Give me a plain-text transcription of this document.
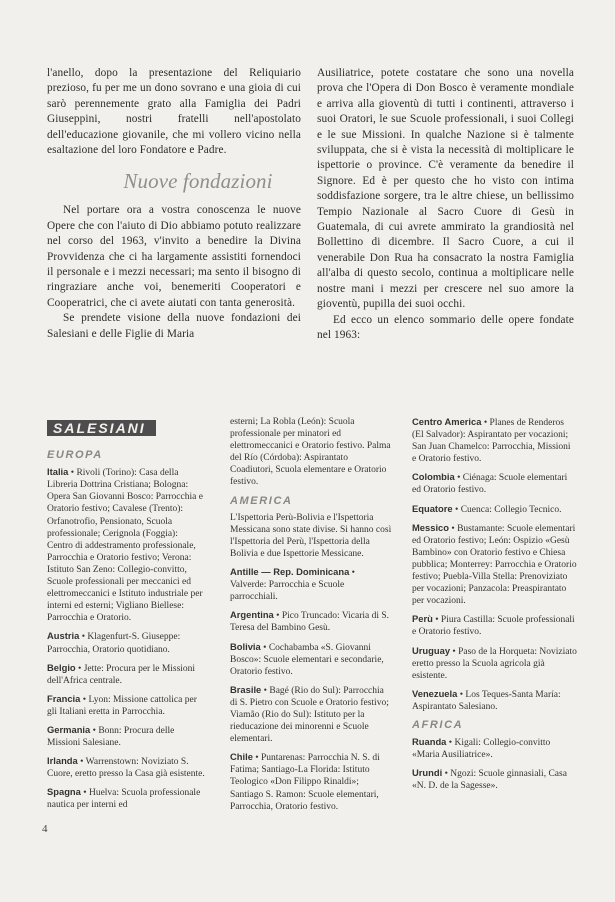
l'anello, dopo la presentazione del Reliquiario prezioso, fu per me un dono sovrano e una gioia di cui sarò perennemente grato alla Famiglia dei Padri Giuseppini, nostri fratelli nell'apostolato dell'educazione giovanile, che mi vollero vicino nella esaltazione del loro Fondatore e Padre.

Nuove fondazioni

Nel portare ora a vostra conoscenza le nuove Opere che con l'aiuto di Dio abbiamo potuto realizzare nel corso del 1963, v'invito a benedire la Divina Provvidenza che ci ha largamente assistiti fornendoci il personale e i mezzi necessari; ma sento il bisogno di ringraziare anche voi, benemeriti Cooperatori e Cooperatrici, che ci avete aiutati con tanta generosità.

Se prendete visione della nuove fondazioni dei Salesiani e delle Figlie di Maria

Ausiliatrice, potete costatare che sono una novella prova che l'Opera di Don Bosco è veramente mondiale e arriva alla gioventù di tutti i continenti, attraverso i suoi Oratori, le sue Scuole professionali, i suoi Collegi e le sue Missioni. In qualche Nazione si è talmente sviluppata, che si è vista la necessità di moltiplicare le ispettorie o province. C'è veramente da benedire il Signore. Ed è per questo che ho visto con intima soddisfazione sorgere, tra le altre chiese, un bellissimo Tempio Nazionale al Sacro Cuore di Gesù in Guatemala, di cui avrete ammirato la grandiosità nel Bollettino di dicembre. Il Sacro Cuore, a cui il venerabile Don Rua ha consacrato la nostra Famiglia all'alba di questo secolo, continua a moltiplicare nelle nostre mani i mezzi per crescere nel suo amore la gioventù, pupilla dei suoi occhi.

Ed ecco un elenco sommario delle opere fondate nel 1963:

SALESIANI
EUROPA
Italia • Rivoli (Torino): Casa della Libreria Dottrina Cristiana; Bologna: Opera San Giovanni Bosco: Parrocchia e Oratorio festivo; Cavalese (Trento): Orfanotrofio, Pensionato, Scuola professionale; Cerignola (Foggia): Centro di addestramento professionale, Parrocchia e Oratorio festivo; Verona: Istituto San Zeno: Collegio-convitto, Scuole professionali per meccanici ed elettromeccanici e Istituto industriale per interni ed esterni; Vigliano Biellese: Parrocchia e Oratorio.
Austria • Klagenfurt-S. Giuseppe: Parrocchia, Oratorio quotidiano.
Belgio • Jette: Procura per le Missioni dell'Africa centrale.
Francia • Lyon: Missione cattolica per gli Italiani eretta in Parrocchia.
Germania • Bonn: Procura delle Missioni Salesiane.
Irlanda • Warrenstown: Noviziato S. Cuore, eretto presso la Casa già esistente.
Spagna • Huelva: Scuola professionale nautica per interni ed
esterni; La Robla (León): Scuola professionale per minatori ed elettromeccanici e Oratorio festivo. Palma del Río (Córdoba): Aspirantato Coadiutori, Scuola elementare e Oratorio festivo.
AMERICA
L'Ispettoria Perù-Bolivia e l'Ispettoria Messicana sono state divise. Si hanno così l'Ispettoria del Perù, l'Ispettoria della Bolivia e due Ispettorie Messicane.
Antille — Rep. Dominicana • Valverde: Parrocchia e Scuole parrocchiali.
Argentina • Pico Truncado: Vicaria di S. Teresa del Bambino Gesù.
Bolivia • Cochabamba «S. Giovanni Bosco»: Scuole elementari e secondarie, Oratorio festivo.
Brasile • Bagé (Rio do Sul): Parrocchia di S. Pietro con Scuole e Oratorio festivo; Viamão (Rio do Sul): Istituto per la rieducazione dei minorenni e Scuole elementari.
Chile • Puntarenas: Parrocchia N. S. di Fatima; Santiago-La Florida: Istituto Teologico «Don Filippo Rinaldi»; Santiago S. Ramon: Scuole elementari, Parrocchia, Oratorio festivo.
Centro America • Planes de Renderos (El Salvador): Aspirantato per vocazioni; San Juan Chamelco: Parrocchia, Missioni e Oratorio festivo.
Colombia • Ciénaga: Scuole elementari ed Oratorio festivo.
Equatore • Cuenca: Collegio Tecnico.
Messico • Bustamante: Scuole elementari ed Oratorio festivo; León: Ospizio «Gesù Bambino» con Oratorio festivo e Chiesa pubblica; Monterrey: Parrocchia e Oratorio festivo; Puebla-Villa Stella: Prenoviziato per vocazioni; Panzacola: Preaspirantato per vocazioni.
Perù • Piura Castilla: Scuole professionali e Oratorio festivo.
Uruguay • Paso de la Horqueta: Noviziato eretto presso la Scuola agricola già esistente.
Venezuela • Los Teques-Santa María: Aspirantato Salesiano.
AFRICA
Ruanda • Kigali: Collegio-convitto «Maria Ausiliatrice».
Urundi • Ngozi: Scuole ginnasiali, Casa «N. D. de la Sagesse».
4
